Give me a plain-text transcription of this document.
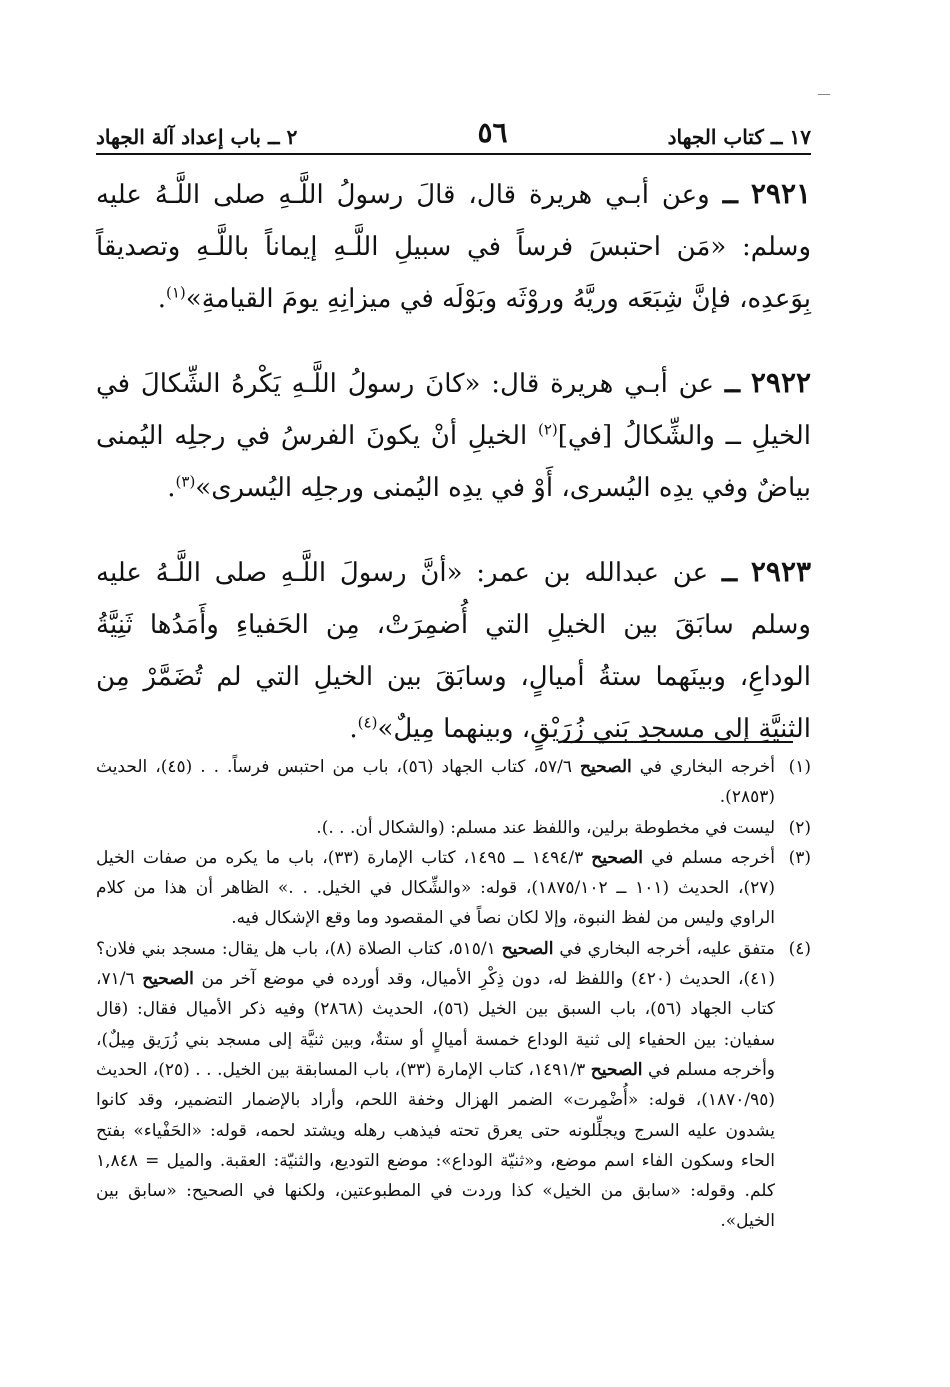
١٧ ــ كتاب الجهاد
٥٦
٢ ــ باب إعداد آلة الجهاد

٢٩٢١ ــ وعن أبـي هريرة قال، قالَ رسولُ اللَّـهِ صلى اللَّـهُ عليه وسلم: «مَن احتبسَ فرساً في سبيلِ اللَّـهِ إيماناً باللَّـهِ وتصديقاً بِوَعدِه، فإنَّ شِبَعَه وريَّهُ وروْثَه وبَوْلَه في ميزانِهِ يومَ القيامةِ»$^{(١)}$.

٢٩٢٢ ــ عن أبـي هريرة قال: «كانَ رسولُ اللَّـهِ يَكْرهُ الشِّكالَ في الخيلِ ــ والشِّكالُ [في]$^{(٢)}$ الخيلِ أنْ يكونَ الفرسُ في رجلِه اليُمنى بياضٌ وفي يدِه اليُسرى، أَوْ في يدِه اليُمنى ورجلِه اليُسرى»$^{(٣)}$.

٢٩٢٣ ــ عن عبدالله بن عمر: «أنَّ رسولَ اللَّـهِ صلى اللَّـهُ عليه وسلم سابَقَ بين الخيلِ التي أُضمِرَتْ، مِن الحَفياءِ وأَمَدُها ثَنِيَّةُ الوداعِ، وبينَهما ستةُ أميالٍ، وسابَقَ بين الخيلِ التي لم تُضَمَّرْ مِن الثنيَّةِ إلى مسجدِ بَني زُرَيْقٍ، وبينهما مِيلٌ»$^{(٤)}$.

(١)
أخرجه البخاري في الصحيح ٥٧/٦، كتاب الجهاد (٥٦)، باب من احتبس فرساً. . . (٤٥)، الحديث (٢٨٥٣).
(٢)
ليست في مخطوطة برلين، واللفظ عند مسلم: (والشكال أن. . .).
(٣)
أخرجه مسلم في الصحيح ١٤٩٤/٣ ــ ١٤٩٥، كتاب الإمارة (٣٣)، باب ما يكره من صفات الخيل (٢٧)، الحديث (١٠١ ــ ١٨٧٥/١٠٢)، قوله: «والشِّكال في الخيل. . .» الظاهر أن هذا من كلام الراوي وليس من لفظ النبوة، وإلا لكان نصاً في المقصود وما وقع الإشكال فيه.
(٤)
متفق عليه، أخرجه البخاري في الصحيح ٥١٥/١، كتاب الصلاة (٨)، باب هل يقال: مسجد بني فلان؟ (٤١)، الحديث (٤٢٠) واللفظ له، دون ذِكْرِ الأميال، وقد أورده في موضع آخر من الصحيح ٧١/٦، كتاب الجهاد (٥٦)، باب السبق بين الخيل (٥٦)، الحديث (٢٨٦٨) وفيه ذكر الأميال فقال: (قال سفيان: بين الحفياء إلى ثنية الوداع خمسة أميالٍ أو ستةٌ، وبين ثنيَّة إلى مسجد بني زُرَيق مِيلٌ)، وأخرجه مسلم في الصحيح ١٤٩١/٣، كتاب الإمارة (٣٣)، باب المسابقة بين الخيل. . . (٢٥)، الحديث (١٨٧٠/٩٥)، قوله: «أُضْمِرت» الضمر الهزال وخفة اللحم، وأراد بالإضمار التضمير، وقد كانوا يشدون عليه السرج ويجلِّلونه حتى يعرق تحته فيذهب رهله ويشتد لحمه، قوله: «الحَفْياء» بفتح الحاء وسكون الفاء اسم موضع، و«ثنيّة الوداع»: موضع التوديع، والثنيّة: العقبة. والميل = ١,٨٤٨ كلم. وقوله: «سابق من الخيل» كذا وردت في المطبوعتين، ولكنها في الصحيح: «سابق بين الخيل».
